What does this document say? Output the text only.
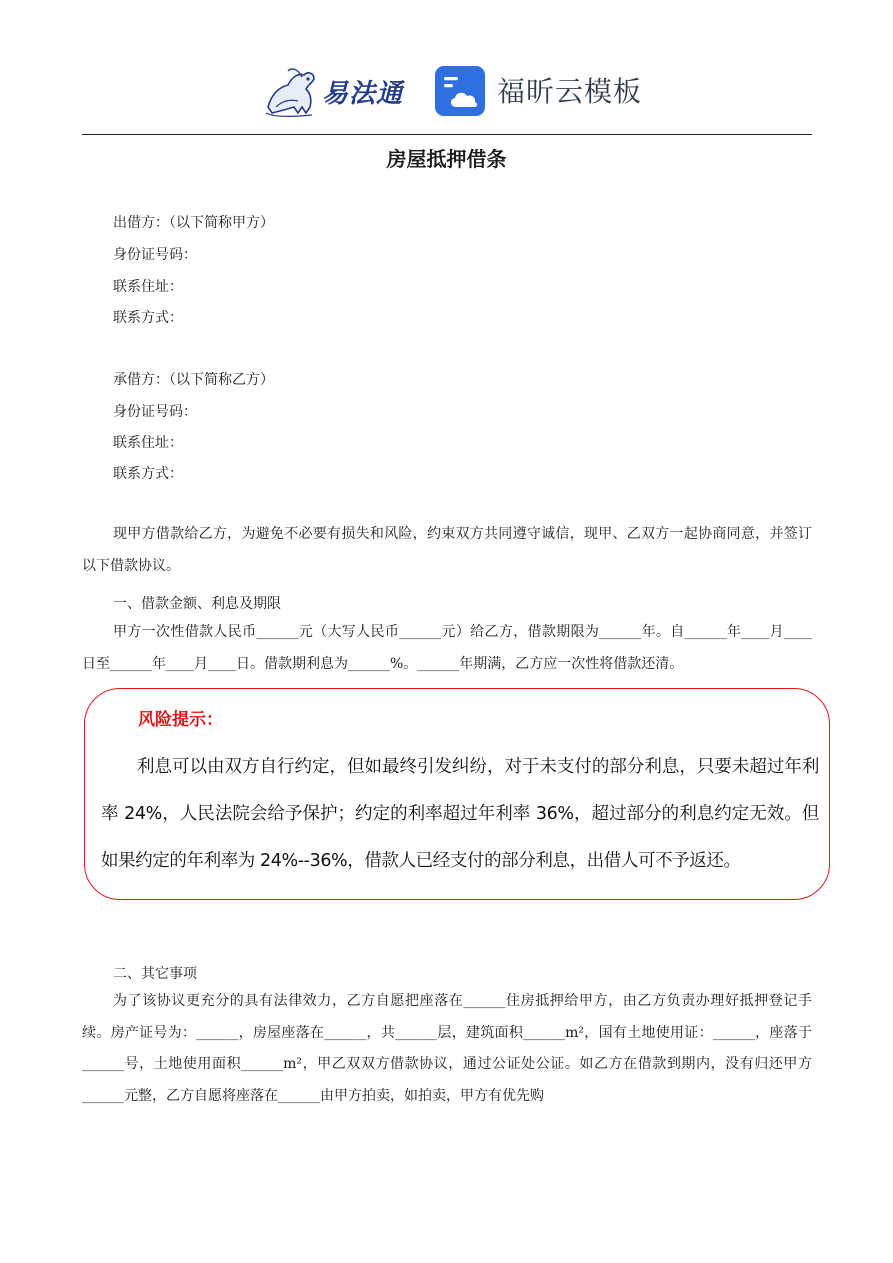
易法通	福昕云模板
房屋抵押借条
出借方：（以下简称甲方）
身份证号码：
联系住址：
联系方式：
承借方：（以下简称乙方）
身份证号码：
联系住址：
联系方式：
现甲方借款给乙方，为避免不必要有损失和风险，约束双方共同遵守诚信，现甲、乙双方一起协商同意，并签订以下借款协议。
一、借款金额、利息及期限
甲方一次性借款人民币______元（大写人民币______元）给乙方，借款期限为______年。自______年____月____日至______年____月____日。借款期利息为______%。______年期满，乙方应一次性将借款还清。
风险提示：
利息可以由双方自行约定，但如最终引发纠纷，对于未支付的部分利息，只要未超过年利率 24%，人民法院会给予保护；约定的利率超过年利率 36%，超过部分的利息约定无效。但如果约定的年利率为 24%--36%，借款人已经支付的部分利息，出借人可不予返还。
二、其它事项
为了该协议更充分的具有法律效力，乙方自愿把座落在______住房抵押给甲方，由乙方负责办理好抵押登记手续。房产证号为：______，房屋座落在______，共______层，建筑面积______m²，国有土地使用证：______，座落于______号，土地使用面积______m²，甲乙双双方借款协议，通过公证处公证。如乙方在借款到期内，没有归还甲方______元整，乙方自愿将座落在______由甲方拍卖，如拍卖，甲方有优先购
